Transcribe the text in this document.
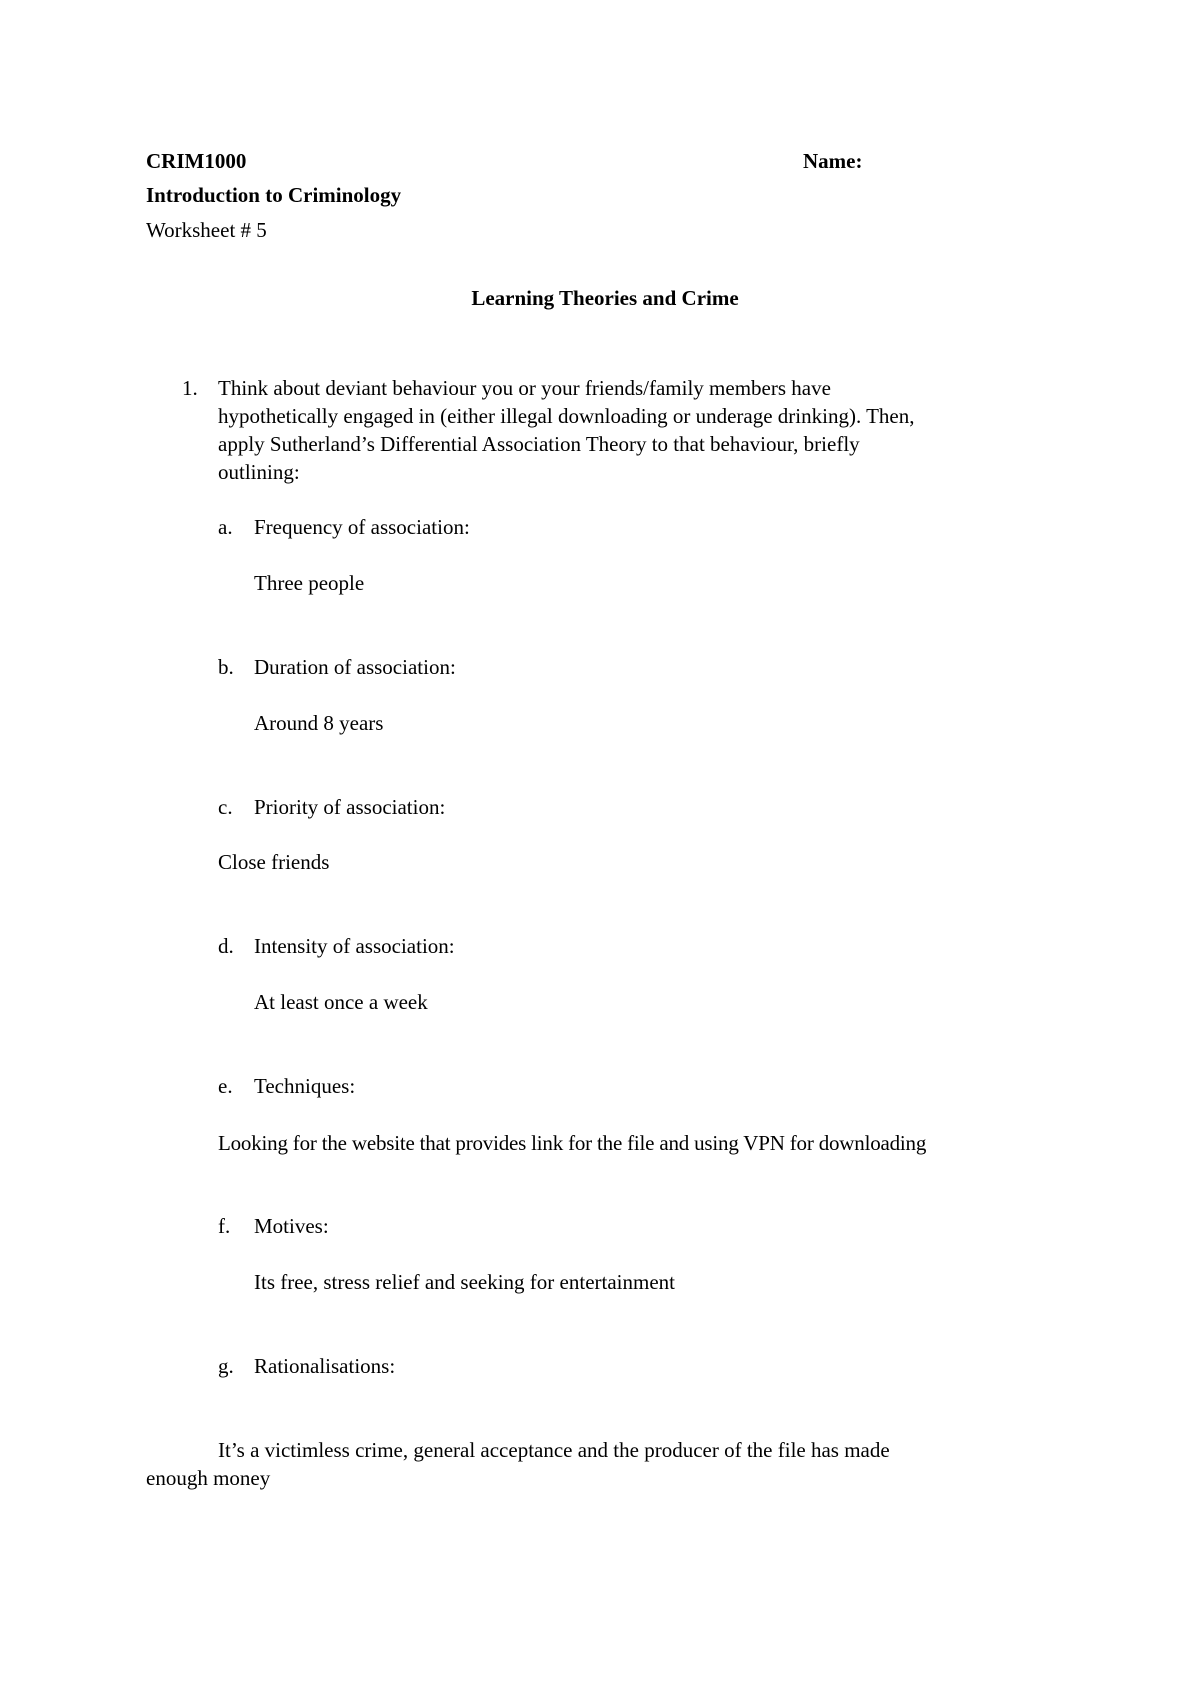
CRIM1000	Name:
Introduction to Criminology
Worksheet # 5
Learning Theories and Crime
1. Think about deviant behaviour you or your friends/family members have
hypothetically engaged in (either illegal downloading or underage drinking). Then,
apply Sutherland’s Differential Association Theory to that behaviour, briefly
outlining:
a. Frequency of association:
Three people
b. Duration of association:
Around 8 years
c. Priority of association:
Close friends
d. Intensity of association:
At least once a week
e. Techniques:
Looking for the website that provides link for the file and using VPN for downloading
f. Motives:
Its free, stress relief and seeking for entertainment
g. Rationalisations:
It’s a victimless crime, general acceptance and the producer of the file has made
enough money
